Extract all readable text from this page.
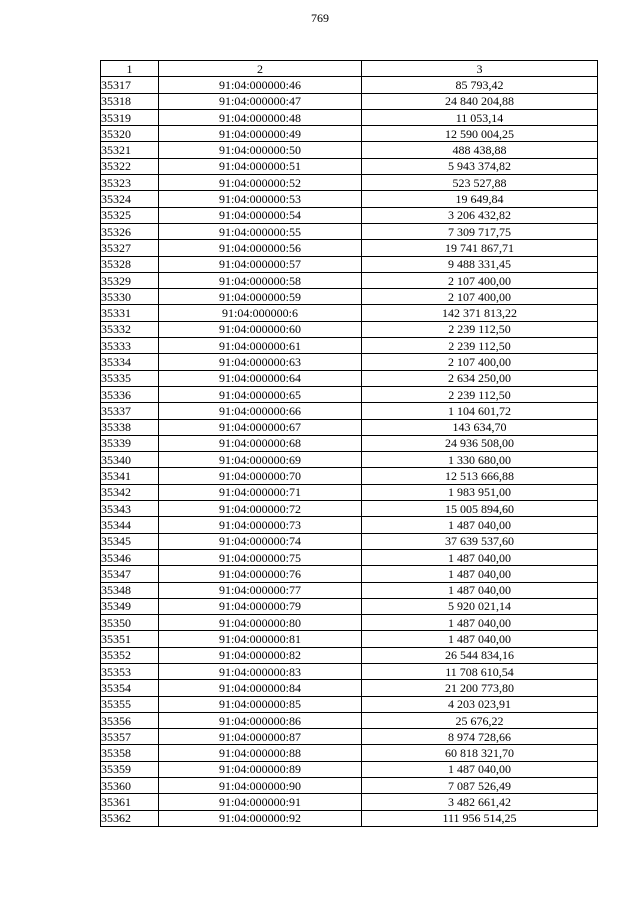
769
1	2	3
35317	91:04:000000:46	85 793,42
35318	91:04:000000:47	24 840 204,88
35319	91:04:000000:48	11 053,14
35320	91:04:000000:49	12 590 004,25
35321	91:04:000000:50	488 438,88
35322	91:04:000000:51	5 943 374,82
35323	91:04:000000:52	523 527,88
35324	91:04:000000:53	19 649,84
35325	91:04:000000:54	3 206 432,82
35326	91:04:000000:55	7 309 717,75
35327	91:04:000000:56	19 741 867,71
35328	91:04:000000:57	9 488 331,45
35329	91:04:000000:58	2 107 400,00
35330	91:04:000000:59	2 107 400,00
35331	91:04:000000:6	142 371 813,22
35332	91:04:000000:60	2 239 112,50
35333	91:04:000000:61	2 239 112,50
35334	91:04:000000:63	2 107 400,00
35335	91:04:000000:64	2 634 250,00
35336	91:04:000000:65	2 239 112,50
35337	91:04:000000:66	1 104 601,72
35338	91:04:000000:67	143 634,70
35339	91:04:000000:68	24 936 508,00
35340	91:04:000000:69	1 330 680,00
35341	91:04:000000:70	12 513 666,88
35342	91:04:000000:71	1 983 951,00
35343	91:04:000000:72	15 005 894,60
35344	91:04:000000:73	1 487 040,00
35345	91:04:000000:74	37 639 537,60
35346	91:04:000000:75	1 487 040,00
35347	91:04:000000:76	1 487 040,00
35348	91:04:000000:77	1 487 040,00
35349	91:04:000000:79	5 920 021,14
35350	91:04:000000:80	1 487 040,00
35351	91:04:000000:81	1 487 040,00
35352	91:04:000000:82	26 544 834,16
35353	91:04:000000:83	11 708 610,54
35354	91:04:000000:84	21 200 773,80
35355	91:04:000000:85	4 203 023,91
35356	91:04:000000:86	25 676,22
35357	91:04:000000:87	8 974 728,66
35358	91:04:000000:88	60 818 321,70
35359	91:04:000000:89	1 487 040,00
35360	91:04:000000:90	7 087 526,49
35361	91:04:000000:91	3 482 661,42
35362	91:04:000000:92	111 956 514,25
